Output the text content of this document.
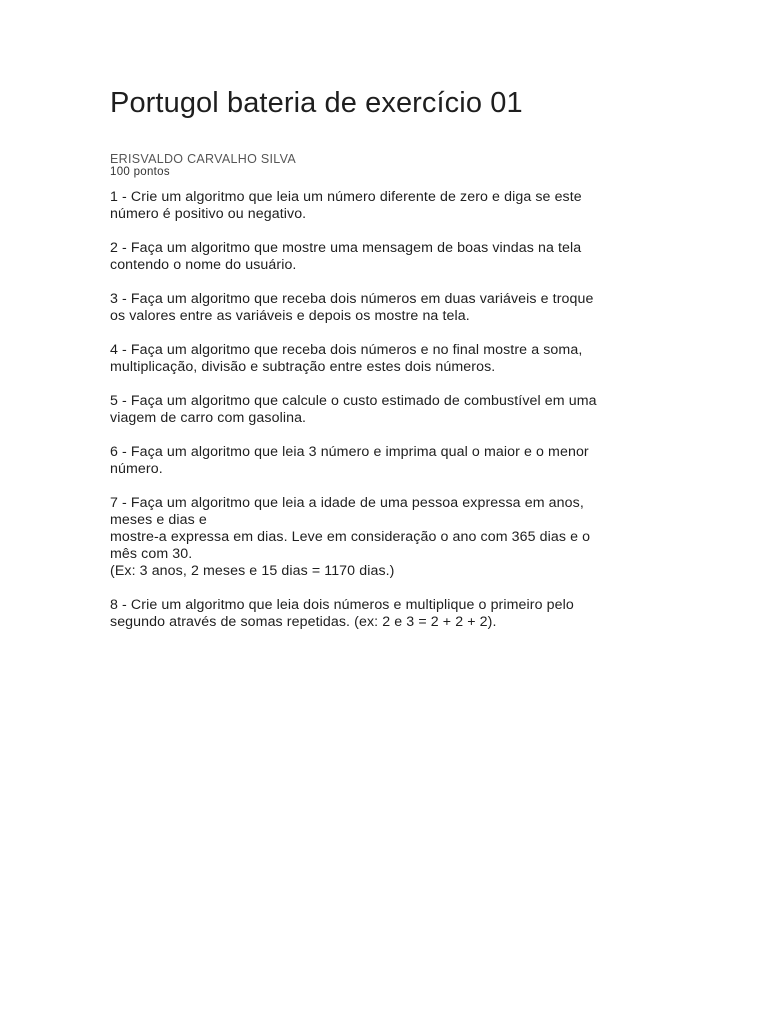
Portugol bateria de exercício 01
ERISVALDO CARVALHO SILVA
100 pontos

1 - Crie um algoritmo que leia um número diferente de zero e diga se este
número é positivo ou negativo.

2 - Faça um algoritmo que mostre uma mensagem de boas vindas na tela
contendo o nome do usuário.

3 - Faça um algoritmo que receba dois números em duas variáveis e troque
os valores entre as variáveis e depois os mostre na tela.

4 - Faça um algoritmo que receba dois números e no final mostre a soma,
multiplicação, divisão e subtração entre estes dois números.

5 - Faça um algoritmo que calcule o custo estimado de combustível em uma
viagem de carro com gasolina.

6 - Faça um algoritmo que leia 3 número e imprima qual o maior e o menor
número.

7 - Faça um algoritmo que leia a idade de uma pessoa expressa em anos,
meses e dias e
mostre-a expressa em dias. Leve em consideração o ano com 365 dias e o
mês com 30.
(Ex: 3 anos, 2 meses e 15 dias = 1170 dias.)

8 - Crie um algoritmo que leia dois números e multiplique o primeiro pelo
segundo através de somas repetidas. (ex: 2 e 3 = 2 + 2 + 2).
